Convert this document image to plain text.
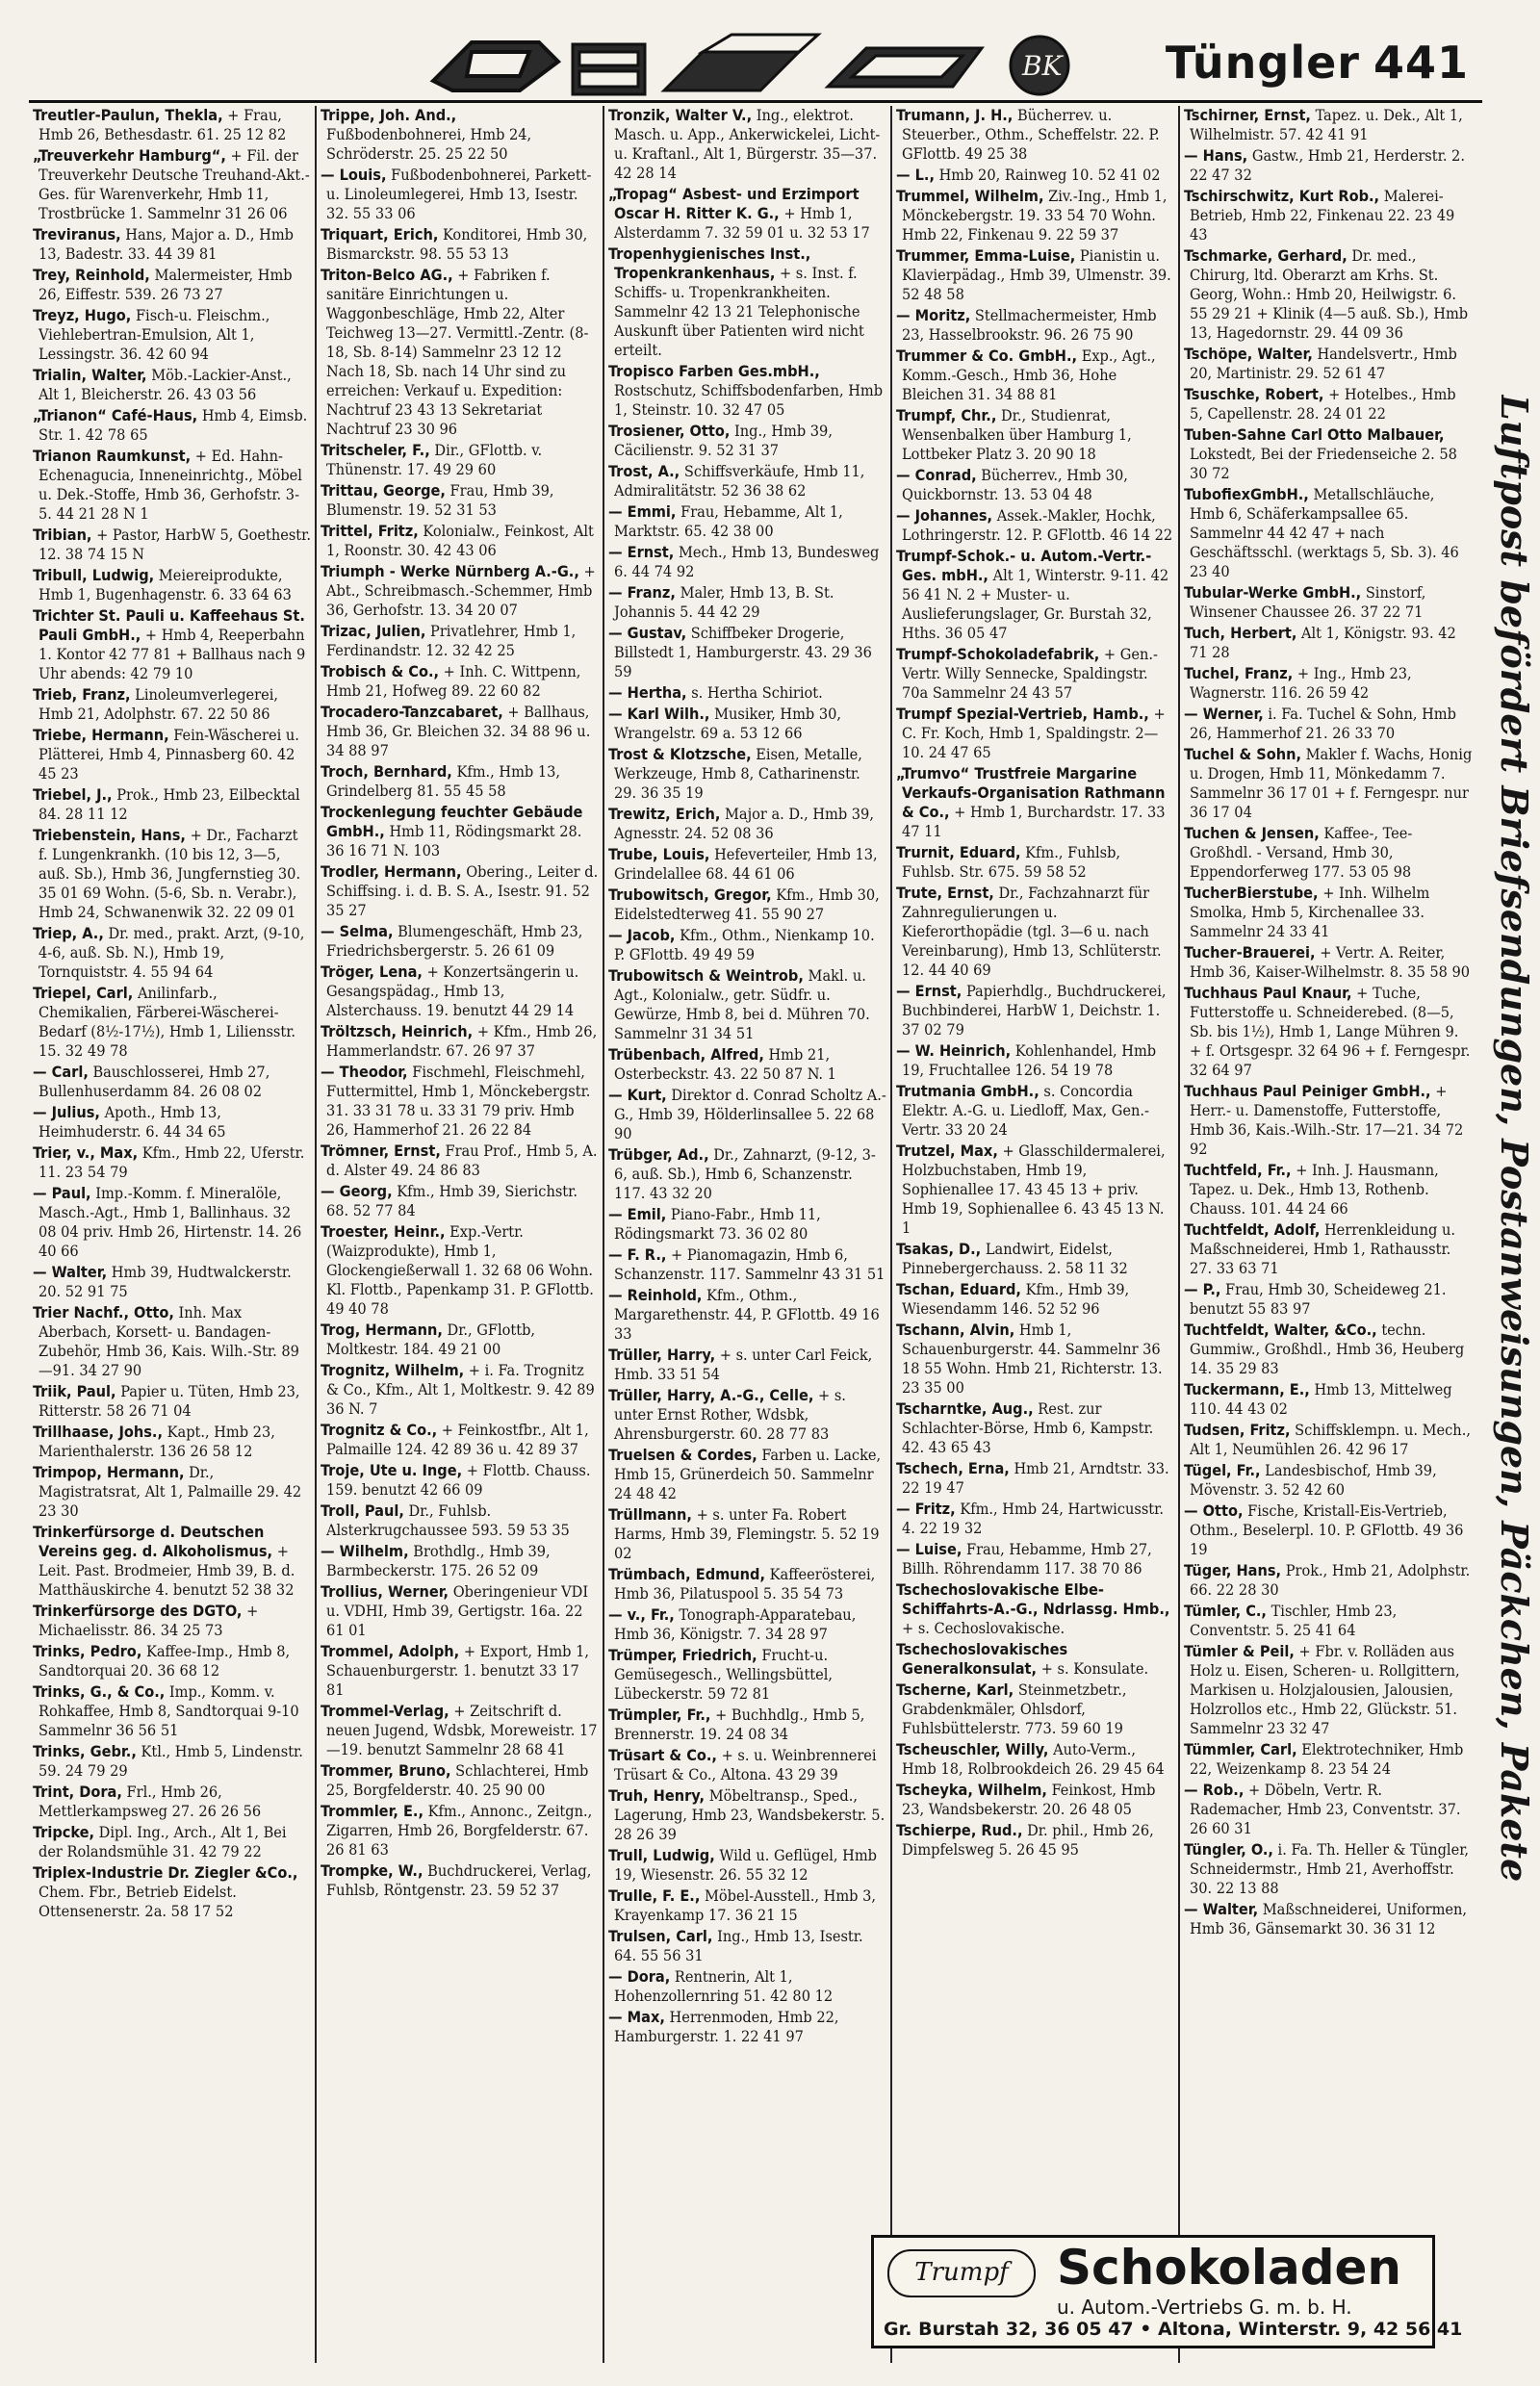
BK Tüngler 441
Treutler-Paulun, Thekla, + Frau, Hmb 26, Bethesdastr. 61. 25 12 82
„Treuverkehr Hamburg“, + Fil. der Treuverkehr Deutsche Treuhand-Akt.-Ges. für Warenverkehr, Hmb 11, Trostbrücke 1. Sammelnr 31 26 06
Treviranus, Hans, Major a. D., Hmb 13, Badestr. 33. 44 39 81
Trey, Reinhold, Malermeister, Hmb 26, Eiffestr. 539. 26 73 27
Treyz, Hugo, Fisch-u. Fleischm., Viehlebertran-Emulsion, Alt 1, Lessingstr. 36. 42 60 94
Trialin, Walter, Möb.-Lackier-Anst., Alt 1, Bleicherstr. 26. 43 03 56
„Trianon“ Café-Haus, Hmb 4, Eimsb. Str. 1. 42 78 65
Trianon Raumkunst, + Ed. Hahn-Echenagucia, Inneneinrichtg., Möbel u. Dek.-Stoffe, Hmb 36, Gerhofstr. 3-5. 44 21 28 N 1
Tribian, + Pastor, HarbW 5, Goethestr. 12. 38 74 15 N
Tribull, Ludwig, Meiereiprodukte, Hmb 1, Bugenhagenstr. 6. 33 64 63
Trichter St. Pauli u. Kaffeehaus St. Pauli GmbH., + Hmb 4, Reeperbahn 1. Kontor 42 77 81 + Ballhaus nach 9 Uhr abends: 42 79 10
Trieb, Franz, Linoleumverlegerei, Hmb 21, Adolphstr. 67. 22 50 86
Triebe, Hermann, Fein-Wäscherei u. Plätterei, Hmb 4, Pinnasberg 60. 42 45 23
Triebel, J., Prok., Hmb 23, Eilbecktal 84. 28 11 12
Triebenstein, Hans, + Dr., Facharzt f. Lungenkrankh. (10 bis 12, 3—5, auß. Sb.), Hmb 36, Jungfernstieg 30. 35 01 69 Wohn. (5-6, Sb. n. Verabr.), Hmb 24, Schwanenwik 32. 22 09 01
Triep, A., Dr. med., prakt. Arzt, (9-10, 4-6, auß. Sb. N.), Hmb 19, Tornquiststr. 4. 55 94 64
Triepel, Carl, Anilinfarb., Chemikalien, Färberei-Wäscherei-Bedarf (8½-17½), Hmb 1, Liliensstr. 15. 32 49 78
— Carl, Bauschlosserei, Hmb 27, Bullenhuserdamm 84. 26 08 02
— Julius, Apoth., Hmb 13, Heimhuderstr. 6. 44 34 65
Trier, v., Max, Kfm., Hmb 22, Uferstr. 11. 23 54 79
— Paul, Imp.-Komm. f. Mineralöle, Masch.-Agt., Hmb 1, Ballinhaus. 32 08 04 priv. Hmb 26, Hirtenstr. 14. 26 40 66
— Walter, Hmb 39, Hudtwalckerstr. 20. 52 91 75
Trier Nachf., Otto, Inh. Max Aberbach, Korsett- u. Bandagen-Zubehör, Hmb 36, Kais. Wilh.-Str. 89—91. 34 27 90
Triik, Paul, Papier u. Tüten, Hmb 23, Ritterstr. 58 26 71 04
Trillhaase, Johs., Kapt., Hmb 23, Marienthalerstr. 136 26 58 12
Trimpop, Hermann, Dr., Magistratsrat, Alt 1, Palmaille 29. 42 23 30
Trinkerfürsorge d. Deutschen Vereins geg. d. Alkoholismus, + Leit. Past. Brodmeier, Hmb 39, B. d. Matthäuskirche 4. benutzt 52 38 32
Trinkerfürsorge des DGTO, + Michaelisstr. 86. 34 25 73
Trinks, Pedro, Kaffee-Imp., Hmb 8, Sandtorquai 20. 36 68 12
Trinks, G., & Co., Imp., Komm. v. Rohkaffee, Hmb 8, Sandtorquai 9-10 Sammelnr 36 56 51
Trinks, Gebr., Ktl., Hmb 5, Lindenstr. 59. 24 79 29
Trint, Dora, Frl., Hmb 26, Mettlerkampsweg 27. 26 26 56
Tripcke, Dipl. Ing., Arch., Alt 1, Bei der Rolandsmühle 31. 42 79 22
Triplex-Industrie Dr. Ziegler &Co., Chem. Fbr., Betrieb Eidelst. Ottensenerstr. 2a. 58 17 52
Trippe, Joh. And., Fußbodenbohnerei, Hmb 24, Schröderstr. 25. 25 22 50
— Louis, Fußbodenbohnerei, Parkett- u. Linoleumlegerei, Hmb 13, Isestr. 32. 55 33 06
Triquart, Erich, Konditorei, Hmb 30, Bismarckstr. 98. 55 53 13
Triton-Belco AG., + Fabriken f. sanitäre Einrichtungen u. Waggonbeschläge, Hmb 22, Alter Teichweg 13—27. Vermittl.-Zentr. (8-18, Sb. 8-14) Sammelnr 23 12 12 Nach 18, Sb. nach 14 Uhr sind zu erreichen: Verkauf u. Expedition: Nachtruf 23 43 13 Sekretariat Nachtruf 23 30 96
Tritscheler, F., Dir., GFlottb. v. Thünenstr. 17. 49 29 60
Trittau, George, Frau, Hmb 39, Blumenstr. 19. 52 31 53
Trittel, Fritz, Kolonialw., Feinkost, Alt 1, Roonstr. 30. 42 43 06
Triumph - Werke Nürnberg A.-G., + Abt., Schreibmasch.-Schemmer, Hmb 36, Gerhofstr. 13. 34 20 07
Trizac, Julien, Privatlehrer, Hmb 1, Ferdinandstr. 12. 32 42 25
Trobisch & Co., + Inh. C. Wittpenn, Hmb 21, Hofweg 89. 22 60 82
Trocadero-Tanzcabaret, + Ballhaus, Hmb 36, Gr. Bleichen 32. 34 88 96 u. 34 88 97
Troch, Bernhard, Kfm., Hmb 13, Grindelberg 81. 55 45 58
Trockenlegung feuchter Gebäude GmbH., Hmb 11, Rödingsmarkt 28. 36 16 71 N. 103
Trodler, Hermann, Obering., Leiter d. Schiffsing. i. d. B. S. A., Isestr. 91. 52 35 27
— Selma, Blumengeschäft, Hmb 23, Friedrichsbergerstr. 5. 26 61 09
Tröger, Lena, + Konzertsängerin u. Gesangspädag., Hmb 13, Alsterchauss. 19. benutzt 44 29 14
Tröltzsch, Heinrich, + Kfm., Hmb 26, Hammerlandstr. 67. 26 97 37
— Theodor, Fischmehl, Fleischmehl, Futtermittel, Hmb 1, Mönckebergstr. 31. 33 31 78 u. 33 31 79 priv. Hmb 26, Hammerhof 21. 26 22 84
Trömner, Ernst, Frau Prof., Hmb 5, A. d. Alster 49. 24 86 83
— Georg, Kfm., Hmb 39, Sierichstr. 68. 52 77 84
Troester, Heinr., Exp.-Vertr. (Waizprodukte), Hmb 1, Glockengießerwall 1. 32 68 06 Wohn. Kl. Flottb., Papenkamp 31. P. GFlottb. 49 40 78
Trog, Hermann, Dr., GFlottb, Moltkestr. 184. 49 21 00
Trognitz, Wilhelm, + i. Fa. Trognitz & Co., Kfm., Alt 1, Moltkestr. 9. 42 89 36 N. 7
Trognitz & Co., + Feinkostfbr., Alt 1, Palmaille 124. 42 89 36 u. 42 89 37
Troje, Ute u. Inge, + Flottb. Chauss. 159. benutzt 42 66 09
Troll, Paul, Dr., Fuhlsb. Alsterkrugchaussee 593. 59 53 35
— Wilhelm, Brothdlg., Hmb 39, Barmbeckerstr. 175. 26 52 09
Trollius, Werner, Oberingenieur VDI u. VDHI, Hmb 39, Gertigstr. 16a. 22 61 01
Trommel, Adolph, + Export, Hmb 1, Schauenburgerstr. 1. benutzt 33 17 81
Trommel-Verlag, + Zeitschrift d. neuen Jugend, Wdsbk, Moreweistr. 17—19. benutzt Sammelnr 28 68 41
Trommer, Bruno, Schlachterei, Hmb 25, Borgfelderstr. 40. 25 90 00
Trommler, E., Kfm., Annonc., Zeitgn., Zigarren, Hmb 26, Borgfelderstr. 67. 26 81 63
Trompke, W., Buchdruckerei, Verlag, Fuhlsb, Röntgenstr. 23. 59 52 37
Tronzik, Walter V., Ing., elektrot. Masch. u. App., Ankerwickelei, Licht- u. Kraftanl., Alt 1, Bürgerstr. 35—37. 42 28 14
„Tropag“ Asbest- und Erzimport Oscar H. Ritter K. G., + Hmb 1, Alsterdamm 7. 32 59 01 u. 32 53 17
Tropenhygienisches Inst., Tropenkrankenhaus, + s. Inst. f. Schiffs- u. Tropenkrankheiten. Sammelnr 42 13 21 Telephonische Auskunft über Patienten wird nicht erteilt.
Tropisco Farben Ges.mbH., Rostschutz, Schiffsbodenfarben, Hmb 1, Steinstr. 10. 32 47 05
Trosiener, Otto, Ing., Hmb 39, Cäcilienstr. 9. 52 31 37
Trost, A., Schiffsverkäufe, Hmb 11, Admiralitätstr. 52 36 38 62
— Emmi, Frau, Hebamme, Alt 1, Marktstr. 65. 42 38 00
— Ernst, Mech., Hmb 13, Bundesweg 6. 44 74 92
— Franz, Maler, Hmb 13, B. St. Johannis 5. 44 42 29
— Gustav, Schiffbeker Drogerie, Billstedt 1, Hamburgerstr. 43. 29 36 59
— Hertha, s. Hertha Schiriot.
— Karl Wilh., Musiker, Hmb 30, Wrangelstr. 69 a. 53 12 66
Trost & Klotzsche, Eisen, Metalle, Werkzeuge, Hmb 8, Catharinenstr. 29. 36 35 19
Trewitz, Erich, Major a. D., Hmb 39, Agnesstr. 24. 52 08 36
Trube, Louis, Hefeverteiler, Hmb 13, Grindelallee 68. 44 61 06
Trubowitsch, Gregor, Kfm., Hmb 30, Eidelstedterweg 41. 55 90 27
— Jacob, Kfm., Othm., Nienkamp 10. P. GFlottb. 49 49 59
Trubowitsch & Weintrob, Makl. u. Agt., Kolonialw., getr. Südfr. u. Gewürze, Hmb 8, bei d. Mühren 70. Sammelnr 31 34 51
Trübenbach, Alfred, Hmb 21, Osterbeckstr. 43. 22 50 87 N. 1
— Kurt, Direktor d. Conrad Scholtz A.-G., Hmb 39, Hölderlinsallee 5. 22 68 90
Trübger, Ad., Dr., Zahnarzt, (9-12, 3-6, auß. Sb.), Hmb 6, Schanzenstr. 117. 43 32 20
— Emil, Piano-Fabr., Hmb 11, Rödingsmarkt 73. 36 02 80
— F. R., + Pianomagazin, Hmb 6, Schanzenstr. 117. Sammelnr 43 31 51
— Reinhold, Kfm., Othm., Margarethenstr. 44, P. GFlottb. 49 16 33
Trüller, Harry, + s. unter Carl Feick, Hmb. 33 51 54
Trüller, Harry, A.-G., Celle, + s. unter Ernst Rother, Wdsbk, Ahrensburgerstr. 60. 28 77 83
Truelsen & Cordes, Farben u. Lacke, Hmb 15, Grünerdeich 50. Sammelnr 24 48 42
Trüllmann, + s. unter Fa. Robert Harms, Hmb 39, Flemingstr. 5. 52 19 02
Trümbach, Edmund, Kaffeerösterei, Hmb 36, Pilatuspool 5. 35 54 73
— v., Fr., Tonograph-Apparatebau, Hmb 36, Königstr. 7. 34 28 97
Trümper, Friedrich, Frucht-u. Gemüsegesch., Wellingsbüttel, Lübeckerstr. 59 72 81
Trümpler, Fr., + Buchhdlg., Hmb 5, Brennerstr. 19. 24 08 34
Trüsart & Co., + s. u. Weinbrennerei Trüsart & Co., Altona. 43 29 39
Truh, Henry, Möbeltransp., Sped., Lagerung, Hmb 23, Wandsbekerstr. 5. 28 26 39
Trull, Ludwig, Wild u. Geflügel, Hmb 19, Wiesenstr. 26. 55 32 12
Trulle, F. E., Möbel-Ausstell., Hmb 3, Krayenkamp 17. 36 21 15
Trulsen, Carl, Ing., Hmb 13, Isestr. 64. 55 56 31
— Dora, Rentnerin, Alt 1, Hohenzollernring 51. 42 80 12
— Max, Herrenmoden, Hmb 22, Hamburgerstr. 1. 22 41 97
Trumann, J. H., Bücherrev. u. Steuerber., Othm., Scheffelstr. 22. P. GFlottb. 49 25 38
— L., Hmb 20, Rainweg 10. 52 41 02
Trummel, Wilhelm, Ziv.-Ing., Hmb 1, Mönckebergstr. 19. 33 54 70 Wohn. Hmb 22, Finkenau 9. 22 59 37
Trummer, Emma-Luise, Pianistin u. Klavierpädag., Hmb 39, Ulmenstr. 39. 52 48 58
— Moritz, Stellmachermeister, Hmb 23, Hasselbrookstr. 96. 26 75 90
Trummer & Co. GmbH., Exp., Agt., Komm.-Gesch., Hmb 36, Hohe Bleichen 31. 34 88 81
Trumpf, Chr., Dr., Studienrat, Wensenbalken über Hamburg 1, Lottbeker Platz 3. 20 90 18
— Conrad, Bücherrev., Hmb 30, Quickbornstr. 13. 53 04 48
— Johannes, Assek.-Makler, Hochk, Lothringerstr. 12. P. GFlottb. 46 14 22
Trumpf-Schok.- u. Autom.-Vertr.-Ges. mbH., Alt 1, Winterstr. 9-11. 42 56 41 N. 2 + Muster- u. Auslieferungslager, Gr. Burstah 32, Hths. 36 05 47
Trumpf-Schokoladefabrik, + Gen.-Vertr. Willy Sennecke, Spaldingstr. 70a Sammelnr 24 43 57
Trumpf Spezial-Vertrieb, Hamb., + C. Fr. Koch, Hmb 1, Spaldingstr. 2—10. 24 47 65
„Trumvo“ Trustfreie Margarine Verkaufs-Organisation Rathmann & Co., + Hmb 1, Burchardstr. 17. 33 47 11
Trurnit, Eduard, Kfm., Fuhlsb, Fuhlsb. Str. 675. 59 58 52
Trute, Ernst, Dr., Fachzahnarzt für Zahnregulierungen u. Kieferorthopädie (tgl. 3—6 u. nach Vereinbarung), Hmb 13, Schlüterstr. 12. 44 40 69
— Ernst, Papierhdlg., Buchdruckerei, Buchbinderei, HarbW 1, Deichstr. 1. 37 02 79
— W. Heinrich, Kohlenhandel, Hmb 19, Fruchtallee 126. 54 19 78
Trutmania GmbH., s. Concordia Elektr. A.-G. u. Liedloff, Max, Gen.-Vertr. 33 20 24
Trutzel, Max, + Glasschildermalerei, Holzbuchstaben, Hmb 19, Sophienallee 17. 43 45 13 + priv. Hmb 19, Sophienallee 6. 43 45 13 N. 1
Tsakas, D., Landwirt, Eidelst, Pinnebergerchauss. 2. 58 11 32
Tschan, Eduard, Kfm., Hmb 39, Wiesendamm 146. 52 52 96
Tschann, Alvin, Hmb 1, Schauenburgerstr. 44. Sammelnr 36 18 55 Wohn. Hmb 21, Richterstr. 13. 23 35 00
Tscharntke, Aug., Rest. zur Schlachter-Börse, Hmb 6, Kampstr. 42. 43 65 43
Tschech, Erna, Hmb 21, Arndtstr. 33. 22 19 47
— Fritz, Kfm., Hmb 24, Hartwicusstr. 4. 22 19 32
— Luise, Frau, Hebamme, Hmb 27, Billh. Röhrendamm 117. 38 70 86
Tschechoslovakische Elbe-Schiffahrts-A.-G., Ndrlassg. Hmb., + s. Cechoslovakische.
Tschechoslovakisches Generalkonsulat, + s. Konsulate.
Tscherne, Karl, Steinmetzbetr., Grabdenkmäler, Ohlsdorf, Fuhlsbüttelerstr. 773. 59 60 19
Tscheuschler, Willy, Auto-Verm., Hmb 18, Rolbrookdeich 26. 29 45 64
Tscheyka, Wilhelm, Feinkost, Hmb 23, Wandsbekerstr. 20. 26 48 05
Tschierpe, Rud., Dr. phil., Hmb 26, Dimpfelsweg 5. 26 45 95
Tschirner, Ernst, Tapez. u. Dek., Alt 1, Wilhelmistr. 57. 42 41 91
— Hans, Gastw., Hmb 21, Herderstr. 2. 22 47 32
Tschirschwitz, Kurt Rob., Malerei-Betrieb, Hmb 22, Finkenau 22. 23 49 43
Tschmarke, Gerhard, Dr. med., Chirurg, ltd. Oberarzt am Krhs. St. Georg, Wohn.: Hmb 20, Heilwigstr. 6. 55 29 21 + Klinik (4—5 auß. Sb.), Hmb 13, Hagedornstr. 29. 44 09 36
Tschöpe, Walter, Handelsvertr., Hmb 20, Martinistr. 29. 52 61 47
Tsuschke, Robert, + Hotelbes., Hmb 5, Capellenstr. 28. 24 01 22
Tuben-Sahne Carl Otto Malbauer, Lokstedt, Bei der Friedenseiche 2. 58 30 72
TubofiexGmbH., Metallschläuche, Hmb 6, Schäferkampsallee 65. Sammelnr 44 42 47 + nach Geschäftsschl. (werktags 5, Sb. 3). 46 23 40
Tubular-Werke GmbH., Sinstorf, Winsener Chaussee 26. 37 22 71
Tuch, Herbert, Alt 1, Königstr. 93. 42 71 28
Tuchel, Franz, + Ing., Hmb 23, Wagnerstr. 116. 26 59 42
— Werner, i. Fa. Tuchel & Sohn, Hmb 26, Hammerhof 21. 26 33 70
Tuchel & Sohn, Makler f. Wachs, Honig u. Drogen, Hmb 11, Mönkedamm 7. Sammelnr 36 17 01 + f. Ferngespr. nur 36 17 04
Tuchen & Jensen, Kaffee-, Tee-Großhdl. - Versand, Hmb 30, Eppendorferweg 177. 53 05 98
TucherBierstube, + Inh. Wilhelm Smolka, Hmb 5, Kirchenallee 33. Sammelnr 24 33 41
Tucher-Brauerei, + Vertr. A. Reiter, Hmb 36, Kaiser-Wilhelmstr. 8. 35 58 90
Tuchhaus Paul Knaur, + Tuche, Futterstoffe u. Schneiderebed. (8—5, Sb. bis 1½), Hmb 1, Lange Mühren 9. + f. Ortsgespr. 32 64 96 + f. Ferngespr. 32 64 97
Tuchhaus Paul Peiniger GmbH., + Herr.- u. Damenstoffe, Futterstoffe, Hmb 36, Kais.-Wilh.-Str. 17—21. 34 72 92
Tuchtfeld, Fr., + Inh. J. Hausmann, Tapez. u. Dek., Hmb 13, Rothenb. Chauss. 101. 44 24 66
Tuchtfeldt, Adolf, Herrenkleidung u. Maßschneiderei, Hmb 1, Rathausstr. 27. 33 63 71
— P., Frau, Hmb 30, Scheideweg 21. benutzt 55 83 97
Tuchtfeldt, Walter, &Co., techn. Gummiw., Großhdl., Hmb 36, Heuberg 14. 35 29 83
Tuckermann, E., Hmb 13, Mittelweg 110. 44 43 02
Tudsen, Fritz, Schiffsklempn. u. Mech., Alt 1, Neumühlen 26. 42 96 17
Tügel, Fr., Landesbischof, Hmb 39, Mövenstr. 3. 52 42 60
— Otto, Fische, Kristall-Eis-Vertrieb, Othm., Beselerpl. 10. P. GFlottb. 49 36 19
Tüger, Hans, Prok., Hmb 21, Adolphstr. 66. 22 28 30
Tümler, C., Tischler, Hmb 23, Conventstr. 5. 25 41 64
Tümler & Peil, + Fbr. v. Rolläden aus Holz u. Eisen, Scheren- u. Rollgittern, Markisen u. Holzjalousien, Jalousien, Holzrollos etc., Hmb 22, Glückstr. 51. Sammelnr 23 32 47
Tümmler, Carl, Elektrotechniker, Hmb 22, Weizenkamp 8. 23 54 24
— Rob., + Döbeln, Vertr. R. Rademacher, Hmb 23, Conventstr. 37. 26 60 31
Tüngler, O., i. Fa. Th. Heller & Tüngler, Schneidermstr., Hmb 21, Averhoffstr. 30. 22 13 88
— Walter, Maßschneiderei, Uniformen, Hmb 36, Gänsemarkt 30. 36 31 12
Luftpost befördert Briefsendungen, Postanweisungen, Päckchen, Pakete
Trumpf	Schokoladen
u. Autom.-Vertriebs G. m. b. H.
Gr. Burstah 32, 36 05 47 • Altona, Winterstr. 9, 42 56 41
